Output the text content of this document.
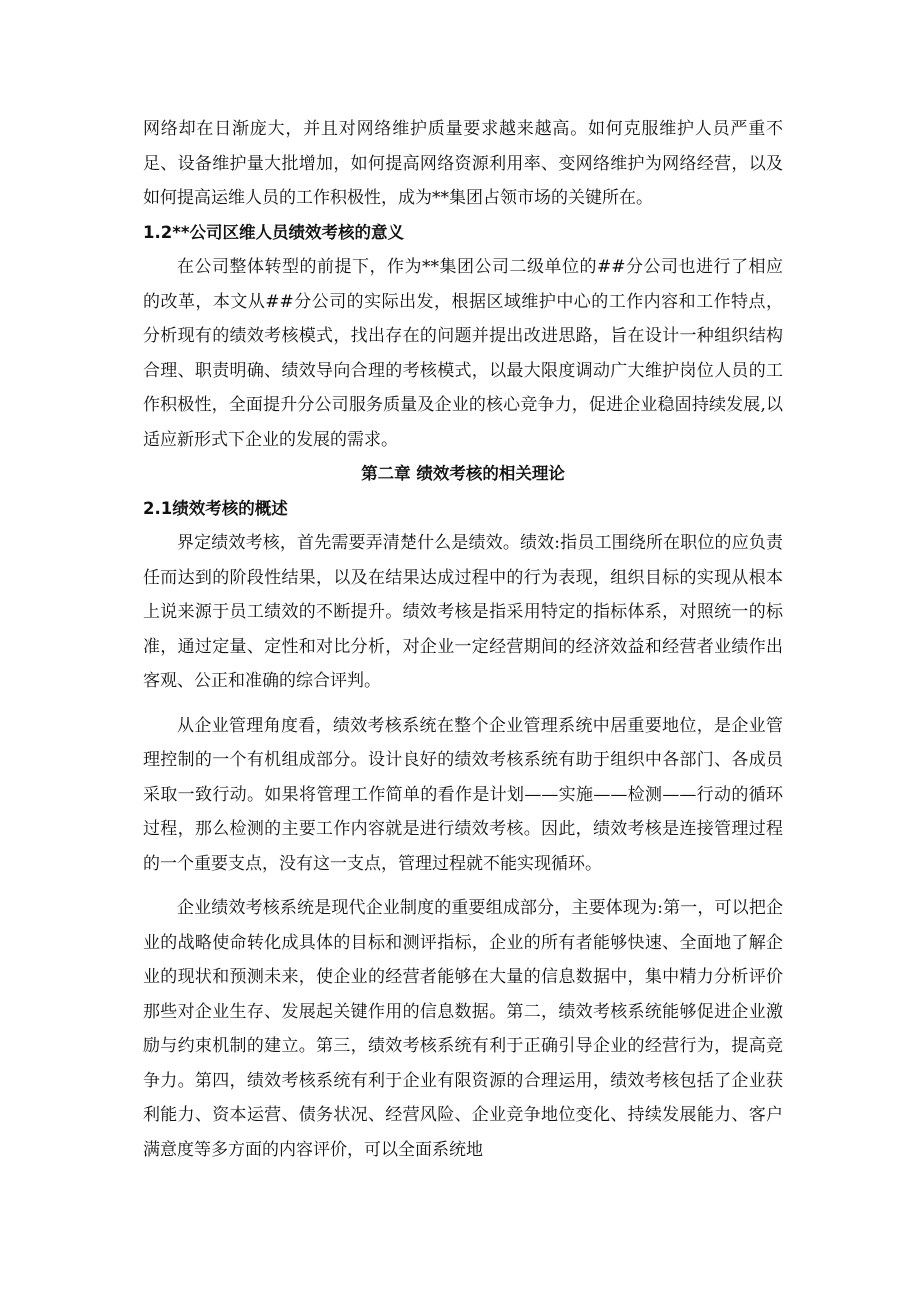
网络却在日渐庞大，并且对网络维护质量要求越来越高。如何克服维护人员严重不足、设备维护量大批增加，如何提高网络资源利用率、变网络维护为网络经营，以及如何提高运维人员的工作积极性，成为**集团占领市场的关键所在。

1.2**公司区维人员绩效考核的意义

在公司整体转型的前提下，作为**集团公司二级单位的##分公司也进行了相应的改革，本文从##分公司的实际出发，根据区域维护中心的工作内容和工作特点，分析现有的绩效考核模式，找出存在的问题并提出改进思路，旨在设计一种组织结构合理、职责明确、绩效导向合理的考核模式，以最大限度调动广大维护岗位人员的工作积极性，全面提升分公司服务质量及企业的核心竞争力，促进企业稳固持续发展,以适应新形式下企业的发展的需求。

第二章 绩效考核的相关理论

2.1绩效考核的概述

界定绩效考核，首先需要弄清楚什么是绩效。绩效:指员工围绕所在职位的应负责任而达到的阶段性结果，以及在结果达成过程中的行为表现，组织目标的实现从根本上说来源于员工绩效的不断提升。绩效考核是指采用特定的指标体系，对照统一的标准，通过定量、定性和对比分析，对企业一定经营期间的经济效益和经营者业绩作出客观、公正和准确的综合评判。

从企业管理角度看，绩效考核系统在整个企业管理系统中居重要地位，是企业管理控制的一个有机组成部分。设计良好的绩效考核系统有助于组织中各部门、各成员采取一致行动。如果将管理工作简单的看作是计划——实施——检测——行动的循环过程，那么检测的主要工作内容就是进行绩效考核。因此，绩效考核是连接管理过程的一个重要支点，没有这一支点，管理过程就不能实现循环。

企业绩效考核系统是现代企业制度的重要组成部分，主要体现为:第一，可以把企业的战略使命转化成具体的目标和测评指标，企业的所有者能够快速、全面地了解企业的现状和预测未来，使企业的经营者能够在大量的信息数据中，集中精力分析评价那些对企业生存、发展起关键作用的信息数据。第二，绩效考核系统能够促进企业激励与约束机制的建立。第三，绩效考核系统有利于正确引导企业的经营行为，提高竞争力。第四，绩效考核系统有利于企业有限资源的合理运用，绩效考核包括了企业获利能力、资本运营、债务状况、经营风险、企业竞争地位变化、持续发展能力、客户满意度等多方面的内容评价，可以全面系统地
